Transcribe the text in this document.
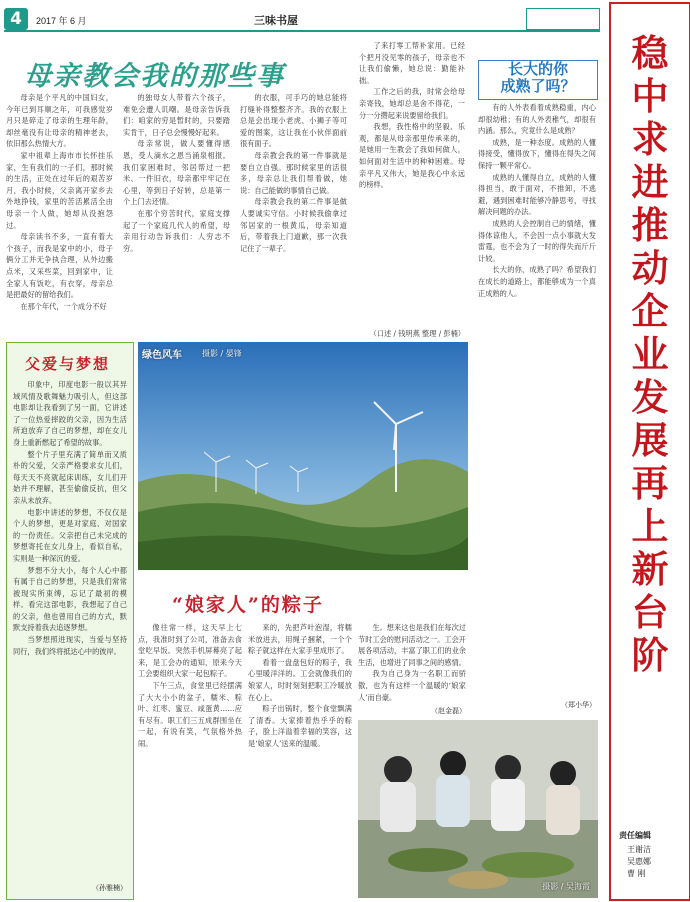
4	2017 年 6 月	三味书屋
母亲教会我的那些事

母亲是个平凡的中国妇女，今年已到耳顺之年，可我感觉岁月只是碎走了母亲的生理年龄，却丝毫没有让母亲的精神老去，依旧那么热情大方。

家中祖辈上海市市长怀挂乐家，生有我们的一子们，那时候的生活，正处在过年后的艰苦岁月，我小时候，父亲离开家乡去外地挣钱，家里的苦活累活全由母亲一个人做，她却从没抱怨过。

母亲读书不多，一直有着大个孩子，而我是家中的小，母子俩分工并无争执合理，从外边搬点米，又采些菜，回到家中，让全家人有饭吃，有衣穿，母亲总是把最好的留给我们。

在那个年代，一个成分不好

的独母女人带着六个孩子，难免会遭人讥嘲。是母亲告诉我们：咱家的穷是暂时的，只要踏实肯干，日子总会慢慢好起来。

母亲常说，做人要懂得感恩，受人滴水之恩当涌泉相报。我们家困难时，邻居帮过一把米、一件旧衣，母亲都牢牢记在心里，等到日子好转，总是第一个上门去还情。

在那个穷苦时代，家庭支撑起了一个家庭几代人的希望，母亲用行动告诉我们：人穷志不穷。

的衣服，可手巧的她总能将打缝补得整整齐齐。我的衣服上总是会出现小老虎、小狮子等可爱的图案，这让我在小伙伴面前很有面子。

母亲教会我的第一件事就是要自立自强。那时候家里的活很多，母亲总让我们帮着做，她说：自己能做的事情自己做。

母亲教会我的第二件事是做人要诚实守信。小时候我偷拿过邻居家的一根黄瓜，母亲知道后，带着我上门道歉，那一次我记住了一辈子。

了来打零工帮补家用。已经个把月没见零的孩子，母亲也不让我们偷懒，她总说：勤能补拙。

工作之后的我，时常会给母亲寄钱，她却总是舍不得花，一分一分攒起来说要留给我们。

我想，我性格中的坚毅、乐观，都是从母亲那里传承来的，是她用一生教会了我如何做人，如何面对生活中的种种困难。母亲平凡又伟大，她是我心中永远的榜样。

（口述 / 钱明燕 整理 / 彭楠）
长大的你
成熟了吗？

有的人外表看着成熟稳重，内心却很幼稚；有的人外表稚气，却很有内涵。那么，究竟什么是成熟？

成熟，是一种态度。成熟的人懂得接受，懂得放下，懂得在得失之间保持一颗平常心。

成熟的人懂得自立，成熟的人懂得担当，敢于面对，不推卸，不逃避，遇到困难时能够冷静思考，寻找解决问题的办法。

成熟的人会控制自己的情绪，懂得体谅他人，不会因一点小事就大发雷霆，也不会为了一时的得失而斤斤计较。

长大的你，成熟了吗？希望我们在成长的道路上，都能够成为一个真正成熟的人。

（郑小华）
父爱与梦想

印象中，印度电影一般以其异域风情及歌舞魅力吸引人，但这部电影却让我看到了另一面，它讲述了一位热爱摔跤的父亲，因为生活所迫放弃了自己的梦想，却在女儿身上重新燃起了希望的故事。

整个片子里充满了简单而又质朴的父爱，父亲严格要求女儿们，每天天不亮就起床训练，女儿们开始并不理解，甚至偷偷反抗，但父亲从未放弃。

电影中讲述的梦想，不仅仅是个人的梦想，更是对家庭、对国家的一份责任。父亲把自己未完成的梦想寄托在女儿身上，看似自私，实则是一种深沉的爱。

梦想不分大小，每个人心中都有属于自己的梦想，只是我们常常被现实所束缚，忘记了最初的模样。看完这部电影，我想起了自己的父亲，他也曾用自己的方式，默默支持着我去追逐梦想。

当梦想照进现实，当爱与坚持同行，我们终将抵达心中的彼岸。

（孙雅楠）
绿色风车	摄影 / 晏锋
“娘家人”的粽子

像往常一样，这天早上七点，我准时到了公司，准备去食堂吃早饭。突然手机屏幕亮了起来，是工会办的通知，原来今天工会要组织大家一起包粽子。

下午三点，食堂里已经摆满了大大小小的盆子，糯米、粽叶、红枣、蜜豆、咸蛋黄……应有尽有。职工们三五成群围坐在一起，有说有笑，气氛格外热闹。

来的，先把芦叶泡湿，将糯米放进去，用绳子捆紧，一个个粽子就这样在大家手里成形了。

看着一盘盘包好的粽子，我心里暖洋洋的。工会就像我们的娘家人，时时刻刻把职工冷暖放在心上。

粽子出锅时，整个食堂飘满了清香。大家捧着热乎乎的粽子，脸上洋溢着幸福的笑容，这是‘娘家人’送来的温暖。

生。想来这也是我们在每次过节时工会的慰问活动之一。工会开展各项活动，丰富了职工们的业余生活，也增进了同事之间的感情。

我为自己身为一名职工而骄傲，也为有这样一个温暖的‘娘家人’而自豪。

（赵金磊）
摄影 / 吴海霞
稳中求进 推动企业发展再上新台阶
责任编辑
王谢洁
吴惠娜
曹 刚
